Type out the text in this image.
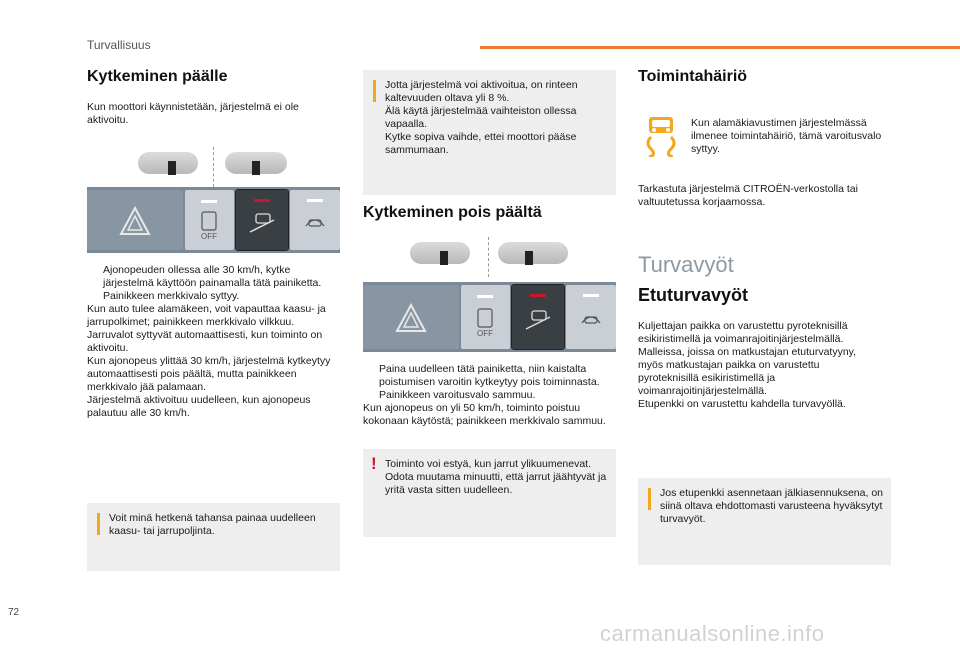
Turvallisuus
Kytkeminen päälle

Kun moottori käynnistetään, järjestelmä ei ole aktivoitu.

OFF
Ajonopeuden ollessa alle 30 km/h, kytke järjestelmä käyttöön painamalla tätä painiketta. Painikkeen merkkivalo syttyy.
Kun auto tulee alamäkeen, voit vapauttaa kaasu- ja jarrupolkimet; painikkeen merkkivalo vilkkuu.
Jarruvalot syttyvät automaattisesti, kun toiminto on aktivoitu.
Kun ajonopeus ylittää 30 km/h, järjestelmä kytkeytyy automaattisesti pois päältä, mutta painikkeen merkkivalo jää palamaan.
Järjestelmä aktivoituu uudelleen, kun ajonopeus palautuu alle 30 km/h.
Voit minä hetkenä tahansa painaa uudelleen kaasu- tai jarrupoljinta.
Jotta järjestelmä voi aktivoitua, on rinteen kaltevuuden oltava yli 8 %.
Älä käytä järjestelmää vaihteiston ollessa vapaalla.
Kytke sopiva vaihde, ettei moottori pääse sammumaan.
Kytkeminen pois päältä
OFF
Paina uudelleen tätä painiketta, niin kaistalta poistumisen varoitin kytkeytyy pois toiminnasta. Painikkeen varoitusvalo sammuu.
Kun ajonopeus on yli 50 km/h, toiminto poistuu kokonaan käytöstä; painikkeen merkkivalo sammuu.
! Toiminto voi estyä, kun jarrut ylikuumenevat. Odota muutama minuutti, että jarrut jäähtyvät ja yritä vasta sitten uudelleen.
Toimintahäiriö

Kun alamäkiavustimen järjestelmässä ilmenee toimintahäiriö, tämä varoitusvalo syttyy.

Tarkastuta järjestelmä CITROËN-verkostolla tai valtuutetussa korjaamossa.

Turvavyöt
Etuturvavyöt
Kuljettajan paikka on varustettu pyroteknisillä esikiristimellä ja voimanrajoitinjärjestelmällä.
Malleissa, joissa on matkustajan etuturvatyyny, myös matkustajan paikka on varustettu pyroteknisillä esikiristimellä ja voimanrajoitinjärjestelmällä.
Etupenkki on varustettu kahdella turvavyöllä.
Jos etupenkki asennetaan jälkiasennuksena, on siinä oltava ehdottomasti varusteena hyväksytyt turvavyöt.
72
carmanualsonline.info
